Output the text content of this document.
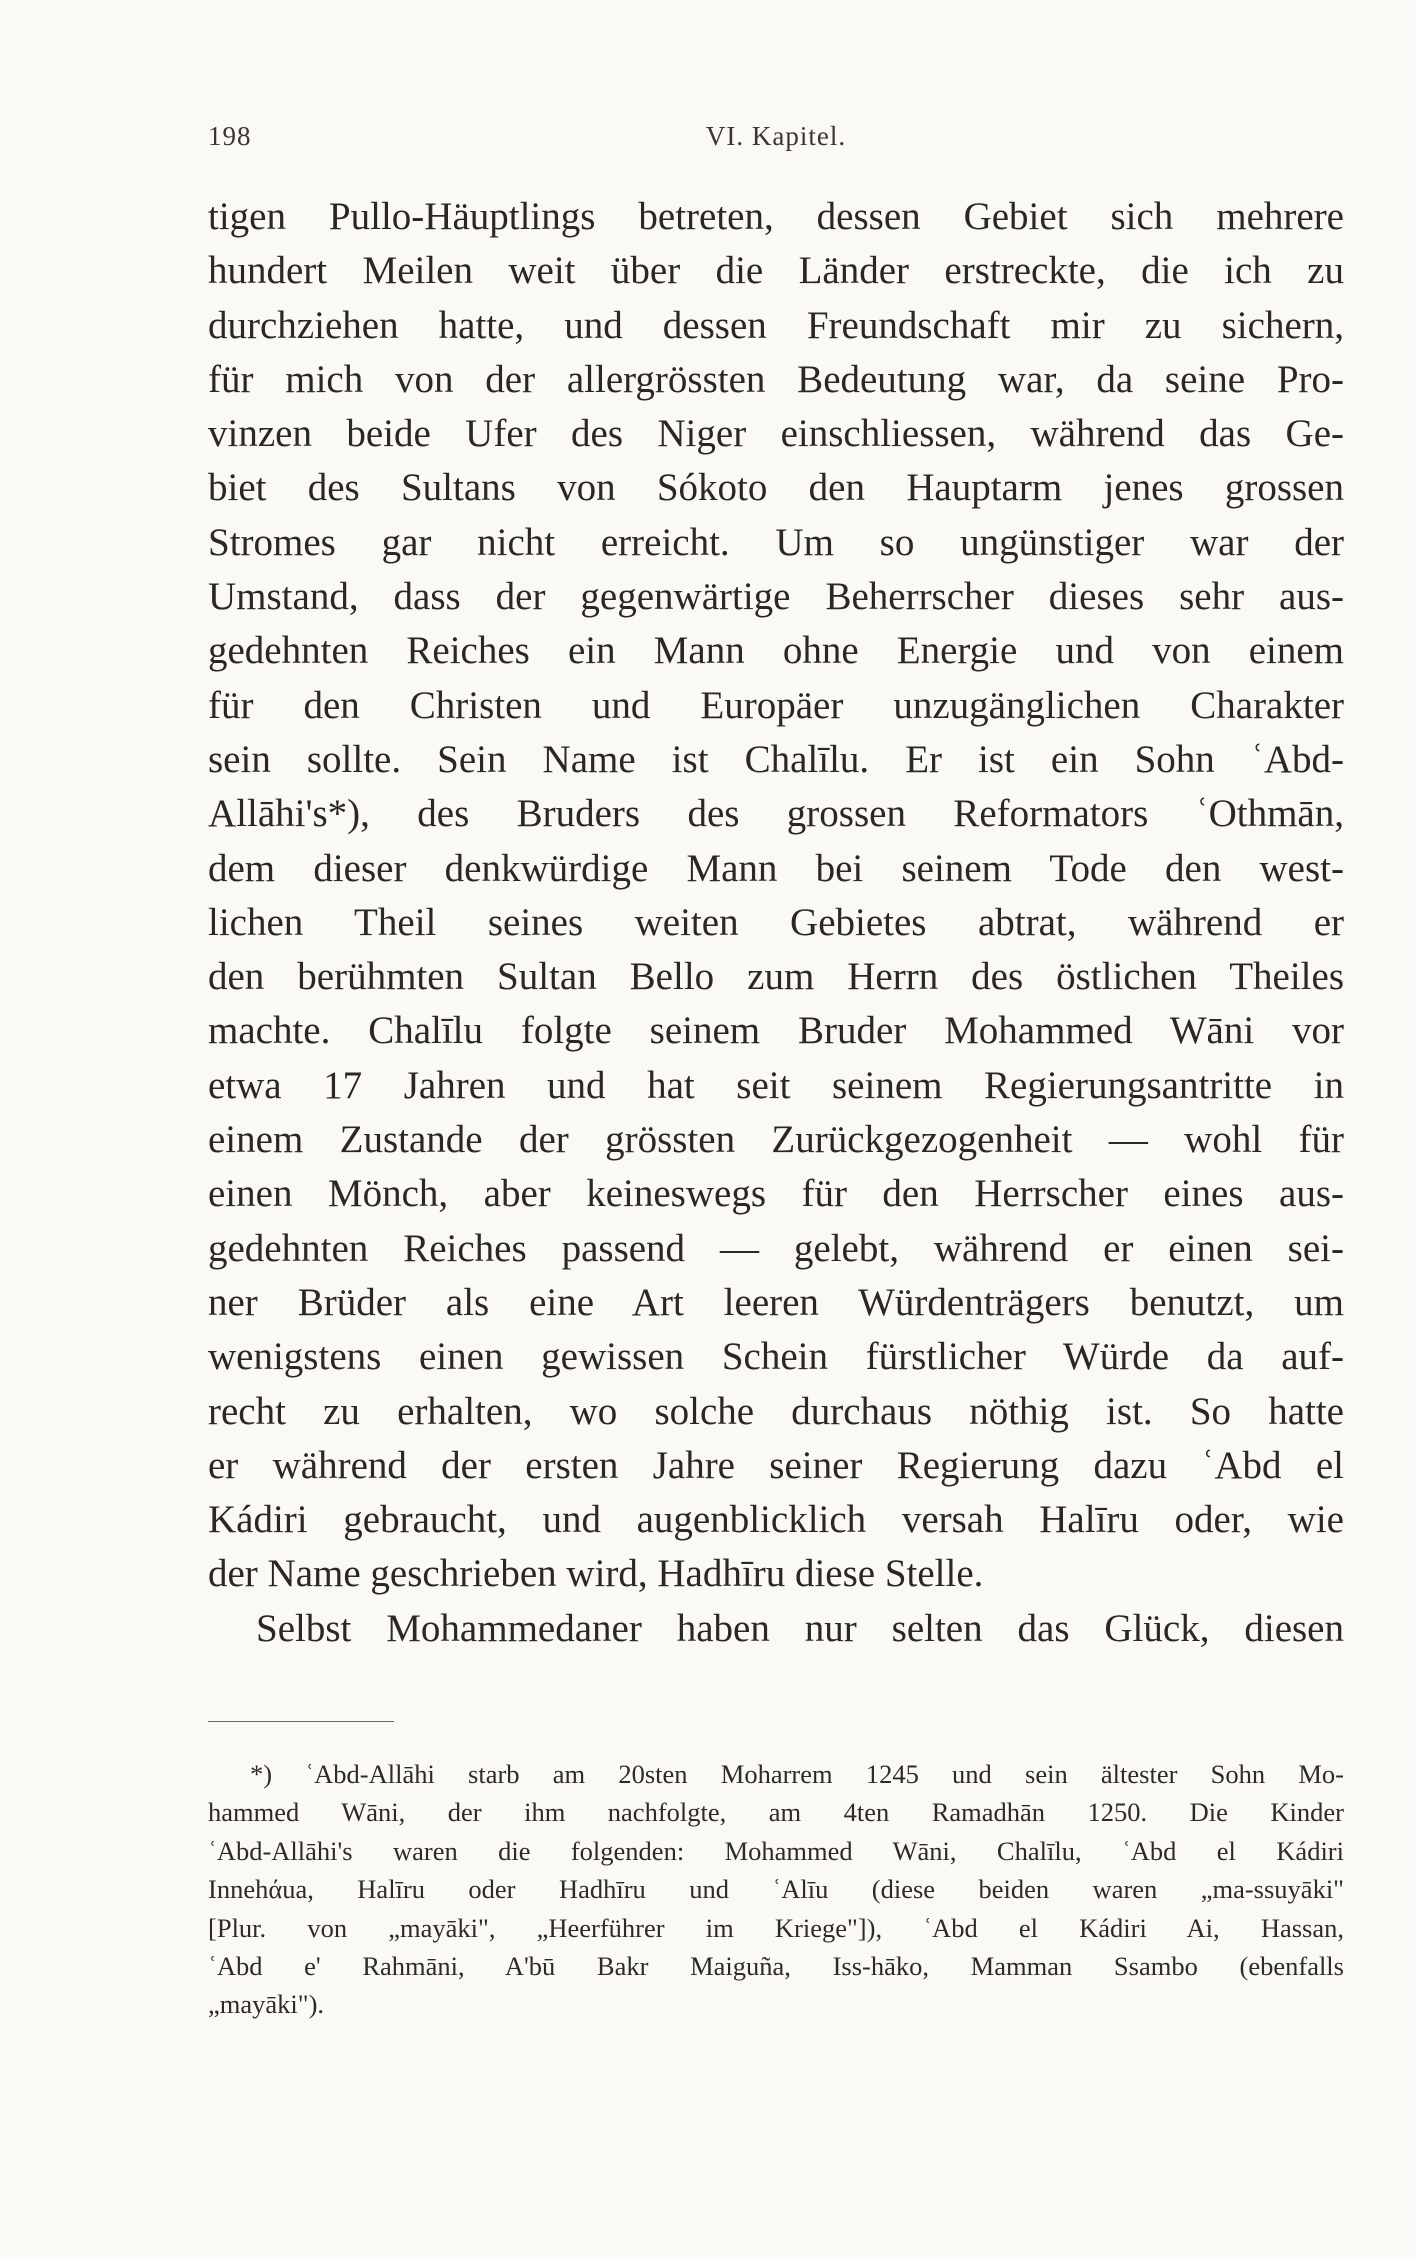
198	VI. Kapitel.
tigen Pullo-Häuptlings betreten, dessen Gebiet sich mehrere
hundert Meilen weit über die Länder erstreckte, die ich zu
durchziehen hatte, und dessen Freundschaft mir zu sichern,
für mich von der allergrössten Bedeutung war, da seine Pro-
vinzen beide Ufer des Niger einschliessen, während das Ge-
biet des Sultans von Sókoto den Hauptarm jenes grossen
Stromes gar nicht erreicht. Um so ungünstiger war der
Umstand, dass der gegenwärtige Beherrscher dieses sehr aus-
gedehnten Reiches ein Mann ohne Energie und von einem
für den Christen und Europäer unzugänglichen Charakter
sein sollte. Sein Name ist Chalīlu. Er ist ein Sohn ʿAbd-
Allāhi's*), des Bruders des grossen Reformators ʿOthmān,
dem dieser denkwürdige Mann bei seinem Tode den west-
lichen Theil seines weiten Gebietes abtrat, während er
den berühmten Sultan Bello zum Herrn des östlichen Theiles
machte. Chalīlu folgte seinem Bruder Mohammed Wāni vor
etwa 17 Jahren und hat seit seinem Regierungsantritte in
einem Zustande der grössten Zurückgezogenheit — wohl für
einen Mönch, aber keineswegs für den Herrscher eines aus-
gedehnten Reiches passend — gelebt, während er einen sei-
ner Brüder als eine Art leeren Würdenträgers benutzt, um
wenigstens einen gewissen Schein fürstlicher Würde da auf-
recht zu erhalten, wo solche durchaus nöthig ist. So hatte
er während der ersten Jahre seiner Regierung dazu ʿAbd el
Kádiri gebraucht, und augenblicklich versah Halīru oder, wie
der Name geschrieben wird, Hadhīru diese Stelle.
Selbst Mohammedaner haben nur selten das Glück, diesen
*) ʿAbd-Allāhi starb am 20sten Moharrem 1245 und sein ältester Sohn Mo-
hammed Wāni, der ihm nachfolgte, am 4ten Ramadhān 1250. Die Kinder
ʿAbd-Allāhi's waren die folgenden: Mohammed Wāni, Chalīlu, ʿAbd el Kádiri
Innehάua, Halīru oder Hadhīru und ʿAlīu (diese beiden waren „ma-ssuyāki"
[Plur. von „mayāki", „Heerführer im Kriege"]), ʿAbd el Kádiri Ai, Hassan,
ʿAbd e' Rahmāni, A'bū Bakr Maiguña, Iss-hāko, Mamman Ssambo (ebenfalls
„mayāki").
